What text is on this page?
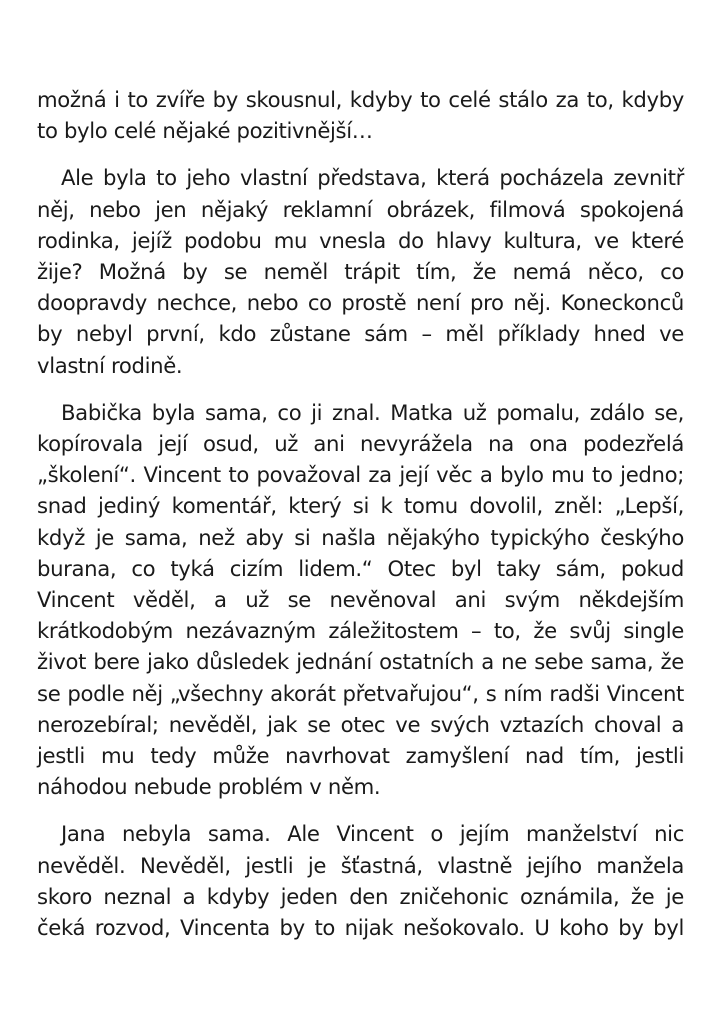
možná i to zvíře by skousnul, kdyby to celé stálo za to, kdyby to bylo celé nějaké pozitivnější…

Ale byla to jeho vlastní představa, která pocházela zevnitř něj, nebo jen nějaký reklamní obrázek, filmová spokojená rodinka, jejíž podobu mu vnesla do hlavy kultura, ve které žije? Možná by se neměl trápit tím, že nemá něco, co doopravdy nechce, nebo co prostě není pro něj. Koneckonců by nebyl první, kdo zůstane sám – měl příklady hned ve vlastní rodině.

Babička byla sama, co ji znal. Matka už pomalu, zdálo se, kopírovala její osud, už ani nevyrážela na ona podezřelá „školení“. Vincent to považoval za její věc a bylo mu to jedno; snad jediný komentář, který si k tomu dovolil, zněl: „Lepší, když je sama, než aby si našla nějakýho typickýho českýho burana, co tyká cizím lidem.“ Otec byl taky sám, pokud Vincent věděl, a už se nevěnoval ani svým někdejším krátkodobým nezávazným záležitostem – to, že svůj single život bere jako důsledek jednání ostatních a ne sebe sama, že se podle něj „všechny akorát přetvařujou“, s ním radši Vincent nerozebíral; nevěděl, jak se otec ve svých vztazích choval a jestli mu tedy může navrhovat zamyšlení nad tím, jestli náhodou nebude problém v něm.

Jana nebyla sama. Ale Vincent o jejím manželství nic nevěděl. Nevěděl, jestli je šťastná, vlastně jejího manžela skoro neznal a kdyby jeden den zničehonic oznámila, že je čeká rozvod, Vincenta by to nijak nešokovalo. U koho by byl
